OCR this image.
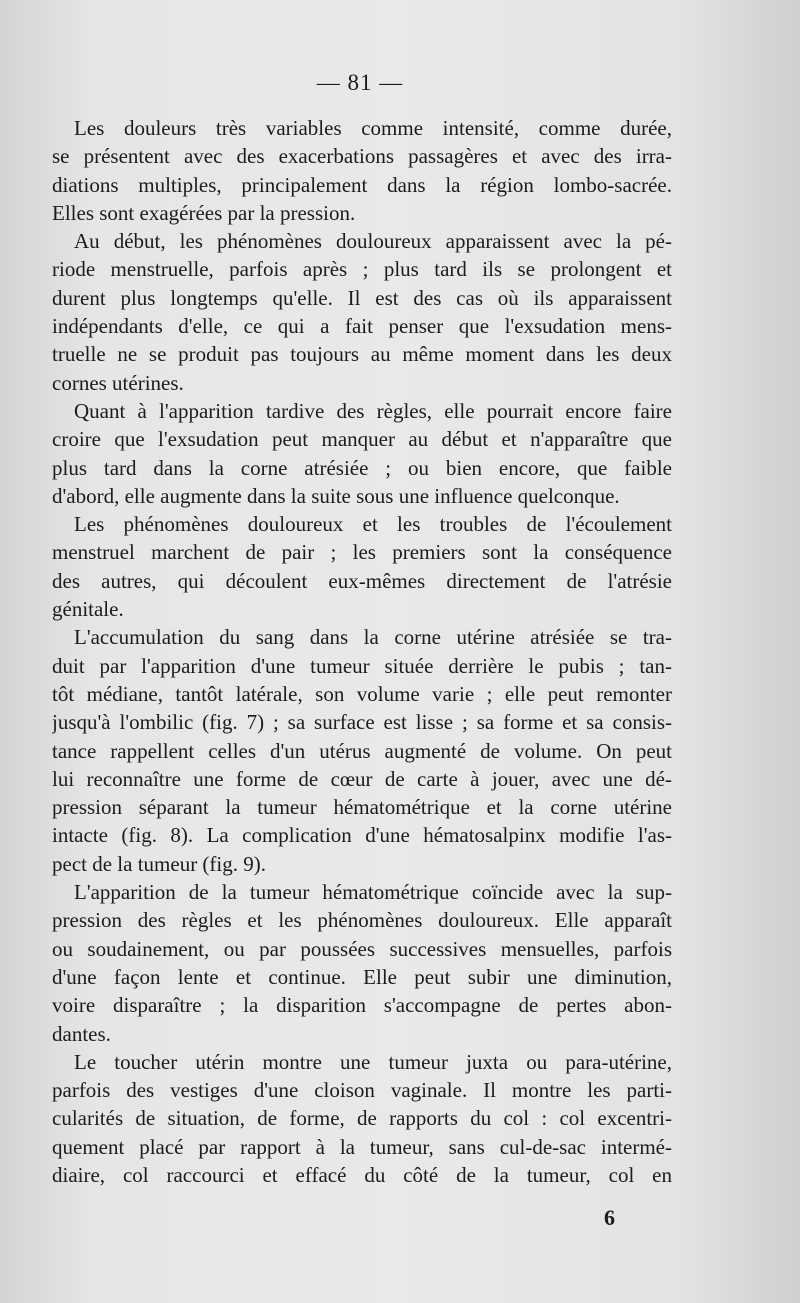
— 81 —
Les douleurs très variables comme intensité, comme durée,
se présentent avec des exacerbations passagères et avec des irra-
diations multiples, principalement dans la région lombo-sacrée.
Elles sont exagérées par la pression.
Au début, les phénomènes douloureux apparaissent avec la pé-
riode menstruelle, parfois après ; plus tard ils se prolongent et
durent plus longtemps qu'elle. Il est des cas où ils apparaissent
indépendants d'elle, ce qui a fait penser que l'exsudation mens-
truelle ne se produit pas toujours au même moment dans les deux
cornes utérines.
Quant à l'apparition tardive des règles, elle pourrait encore faire
croire que l'exsudation peut manquer au début et n'apparaître que
plus tard dans la corne atrésiée ; ou bien encore, que faible
d'abord, elle augmente dans la suite sous une influence quelconque.
Les phénomènes douloureux et les troubles de l'écoulement
menstruel marchent de pair ; les premiers sont la conséquence
des autres, qui découlent eux-mêmes directement de l'atrésie
génitale.
L'accumulation du sang dans la corne utérine atrésiée se tra-
duit par l'apparition d'une tumeur située derrière le pubis ; tan-
tôt médiane, tantôt latérale, son volume varie ; elle peut remonter
jusqu'à l'ombilic (fig. 7) ; sa surface est lisse ; sa forme et sa consis-
tance rappellent celles d'un utérus augmenté de volume. On peut
lui reconnaître une forme de cœur de carte à jouer, avec une dé-
pression séparant la tumeur hématométrique et la corne utérine
intacte (fig. 8). La complication d'une hématosalpinx modifie l'as-
pect de la tumeur (fig. 9).
L'apparition de la tumeur hématométrique coïncide avec la sup-
pression des règles et les phénomènes douloureux. Elle apparaît
ou soudainement, ou par poussées successives mensuelles, parfois
d'une façon lente et continue. Elle peut subir une diminution,
voire disparaître ; la disparition s'accompagne de pertes abon-
dantes.
Le toucher utérin montre une tumeur juxta ou para-utérine,
parfois des vestiges d'une cloison vaginale. Il montre les parti-
cularités de situation, de forme, de rapports du col : col excentri-
quement placé par rapport à la tumeur, sans cul-de-sac intermé-
diaire, col raccourci et effacé du côté de la tumeur, col en
6
